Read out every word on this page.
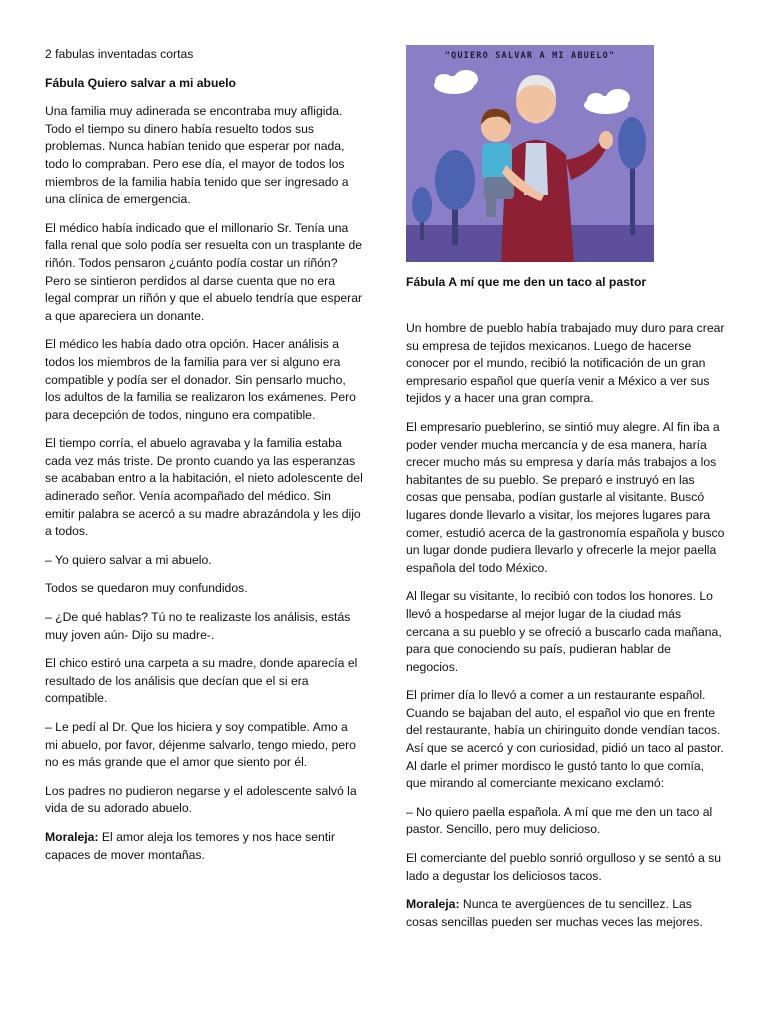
2 fabulas inventadas cortas

Fábula Quiero salvar a mi abuelo

Una familia muy adinerada se encontraba muy afligida. Todo el tiempo su dinero había resuelto todos sus problemas. Nunca habían tenido que esperar por nada, todo lo compraban. Pero ese día, el mayor de todos los miembros de la familia había tenido que ser ingresado a una clínica de emergencia.

El médico había indicado que el millonario Sr. Tenía una falla renal que solo podía ser resuelta con un trasplante de riñón. Todos pensaron ¿cuánto podía costar un riñón? Pero se sintieron perdidos al darse cuenta que no era legal comprar un riñón y que el abuelo tendría que esperar a que apareciera un donante.

El médico les había dado otra opción. Hacer análisis a todos los miembros de la familia para ver si alguno era compatible y podía ser el donador. Sin pensarlo mucho, los adultos de la familia se realizaron los exámenes. Pero para decepción de todos, ninguno era compatible.

El tiempo corría, el abuelo agravaba y la familia estaba cada vez más triste. De pronto cuando ya las esperanzas se acababan entro a la habitación, el nieto adolescente del adinerado señor. Venía acompañado del médico. Sin emitir palabra se acercó a su madre abrazándola y les dijo a todos.

– Yo quiero salvar a mi abuelo.

Todos se quedaron muy confundidos.

– ¿De qué hablas? Tú no te realizaste los análisis, estás muy joven aún- Dijo su madre-.

El chico estiró una carpeta a su madre, donde aparecía el resultado de los análisis que decían que el si era compatible.

– Le pedí al Dr. Que los hiciera y soy compatible. Amo a mi abuelo, por favor, déjenme salvarlo, tengo miedo, pero no es más grande que el amor que siento por él.

Los padres no pudieron negarse y el adolescente salvó la vida de su adorado abuelo.

Moraleja: El amor aleja los temores y nos hace sentir capaces de mover montañas.

"QUIERO SALVAR A MI ABUELO"

Fábula A mí que me den un taco al pastor

Un hombre de pueblo había trabajado muy duro para crear su empresa de tejidos mexicanos. Luego de hacerse conocer por el mundo, recibió la notificación de un gran empresario español que quería venir a México a ver sus tejidos y a hacer una gran compra.

El empresario pueblerino, se sintió muy alegre. Al fin iba a poder vender mucha mercancía y de esa manera, haría crecer mucho más su empresa y daría más trabajos a los habitantes de su pueblo. Se preparó e instruyó en las cosas que pensaba, podían gustarle al visitante. Buscó lugares donde llevarlo a visitar, los mejores lugares para comer, estudió acerca de la gastronomía española y busco un lugar donde pudiera llevarlo y ofrecerle la mejor paella española del todo México.

Al llegar su visitante, lo recibió con todos los honores. Lo llevó a hospedarse al mejor lugar de la ciudad más cercana a su pueblo y se ofreció a buscarlo cada mañana, para que conociendo su país, pudieran hablar de negocios.

El primer día lo llevó a comer a un restaurante español. Cuando se bajaban del auto, el español vio que en frente del restaurante, había un chiringuito donde vendían tacos. Así que se acercó y con curiosidad, pidió un taco al pastor. Al darle el primer mordisco le gustó tanto lo que comía, que mirando al comerciante mexicano exclamó:

– No quiero paella española. A mí que me den un taco al pastor. Sencillo, pero muy delicioso.

El comerciante del pueblo sonrió orgulloso y se sentó a su lado a degustar los deliciosos tacos.

Moraleja: Nunca te avergüences de tu sencillez. Las cosas sencillas pueden ser muchas veces las mejores.
